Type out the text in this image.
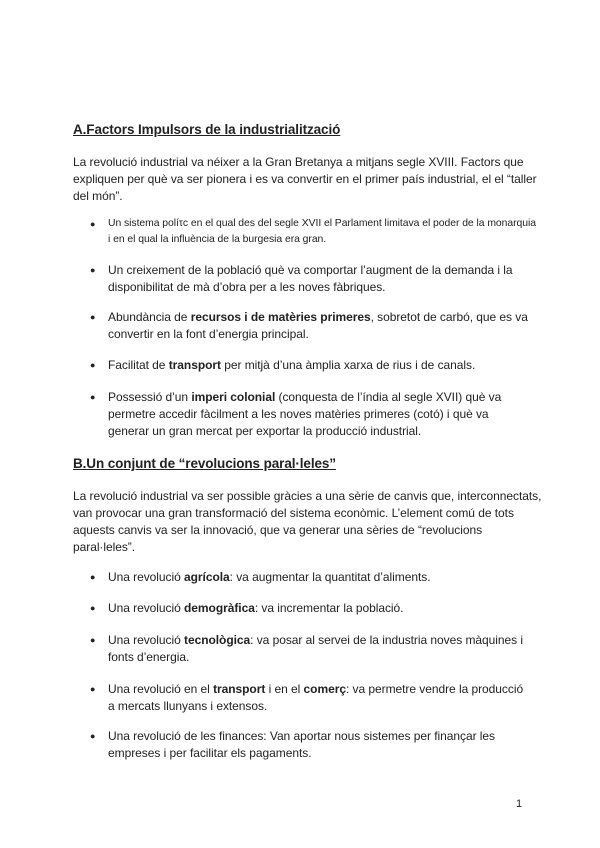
A.Factors Impulsors de la industrialització

La revolució industrial va néixer a la Gran Bretanya a mitjans segle XVIII. Factors que expliquen per què va ser pionera i es va convertir en el primer país industrial, el el “taller del món”.

●	Un sistema políτc en el qual des del segle XVII el Parlament limitava el poder de la monarquia i en el qual la influència de la burgesia era gran.
●	Un creixement de la població què va comportar l’augment de la demanda i la disponibilitat de mà d’obra per a les noves fàbriques.
●	Abundància de recursos i de matèries primeres, sobretot de carbó, que es va convertir en la font d’energia principal.
●	Facilitat de transport per mitjà d’una àmplia xarxa de rius i de canals.
●	Possessió d’un imperi colonial (conquesta de l’índia al segle XVII) què va permetre accedir fàcilment a les noves matèries primeres (cotó) i què va generar un gran mercat per exportar la producció industrial.
B.Un conjunt de “revolucions paral·leles”

La revolució industrial va ser possible gràcies a una sèrie de canvis que, interconnectats, van provocar una gran transformació del sistema econòmic. L’element comú de tots aquests canvis va ser la innovació, que va generar una sèries de “revolucions paral·leles”.

●	Una revolució agrícola: va augmentar la quantitat d’aliments.
●	Una revolució demogràfica: va incrementar la població.
●	Una revolució tecnològica: va posar al servei de la industria noves màquines i fonts d’energia.
●	Una revolució en el transport i en el comerç: va permetre vendre la producció a mercats llunyans i extensos.
●	Una revolució de les finances: Van aportar nous sistemes per finançar les empreses i per facilitar els pagaments.

1
